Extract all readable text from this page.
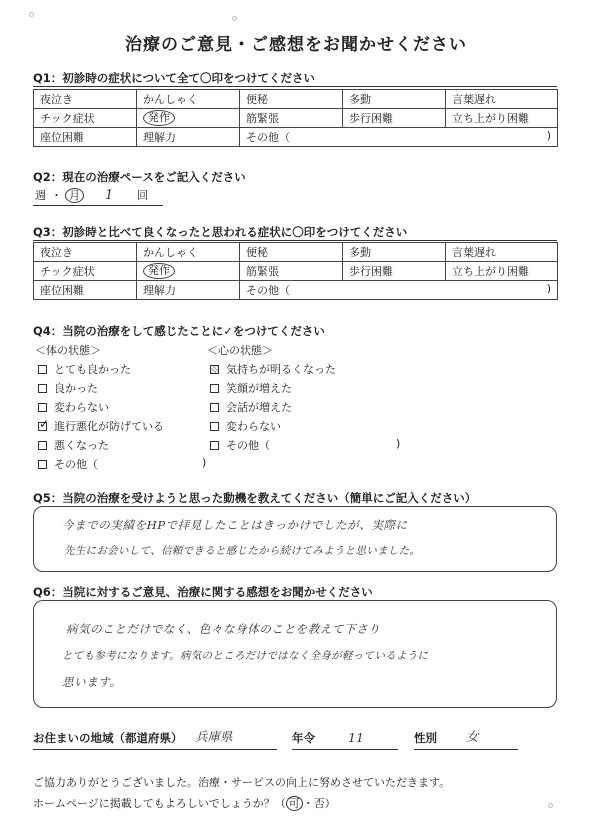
治療のご意見・ご感想をお聞かせください
Q1：初診時の症状について全て〇印をつけてください
夜泣き	かんしゃく	便秘	多動	言葉遅れ
チック症状	発作	筋緊張	歩行困難	立ち上がり困難
座位困難	理解力	その他（ )		
Q2：現在の治療ペースをご記入ください
週 ・ 月	1 回
Q3：初診時と比べて良くなったと思われる症状に〇印をつけてください
夜泣き	かんしゃく	便秘	多動	言葉遅れ
チック症状	発作	筋緊張	歩行困難	立ち上がり困難
座位困難	理解力	その他（ )		
Q4：当院の治療をして感じたことに✓をつけてください
＜体の状態＞	＜心の状態＞
とても良かった
良かった
変わらない
✓進行悪化が防げている
悪くなった
その他（	)
気持ちが明るくなった
笑顔が増えた
会話が増えた
変わらない
その他（	)
Q5：当院の治療を受けようと思った動機を教えてください（簡単にご記入ください）
今までの実績をHPで拝見したことはきっかけでしたが、実際に
先生にお会いして、信頼できると感じたから続けてみようと思いました。
Q6：当院に対するご意見、治療に関する感想をお聞かせください
病気のことだけでなく、色々な身体のことを教えて下さり
とても参考になります。病気のところだけではなく全身が軽っているように
思います。
お住まいの地域（都道府県） 兵庫県	年令	11	性別 女
ご協力ありがとうございました。治療・サービスの向上に努めさせていただきます。
ホームページに掲載してもよろしいでしょうか？（ 可 ・否）
